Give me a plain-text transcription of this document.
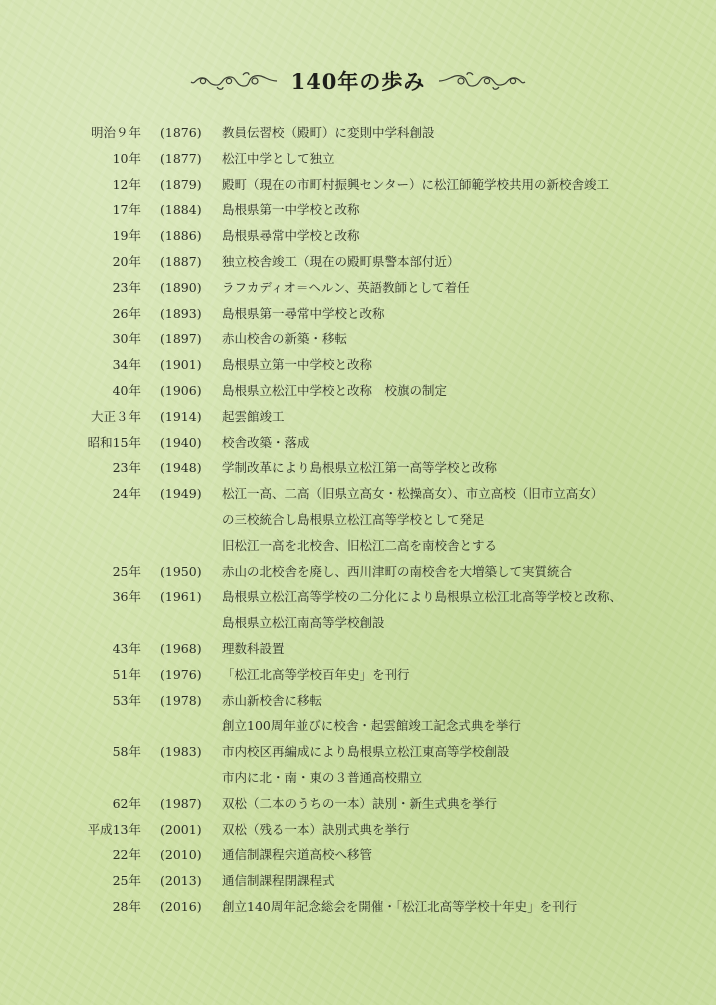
140年の歩み
明治９年 (1876) 教員伝習校（殿町）に変則中学科創設
10年 (1877) 松江中学として独立
12年 (1879) 殿町（現在の市町村振興センター）に松江師範学校共用の新校舎竣工
17年 (1884) 島根県第一中学校と改称
19年 (1886) 島根県尋常中学校と改称
20年 (1887) 独立校舎竣工（現在の殿町県警本部付近）
23年 (1890) ラフカディオ＝ヘルン、英語教師として着任
26年 (1893) 島根県第一尋常中学校と改称
30年 (1897) 赤山校舎の新築・移転
34年 (1901) 島根県立第一中学校と改称
40年 (1906) 島根県立松江中学校と改称　校旗の制定
大正３年 (1914) 起雲館竣工
昭和15年 (1940) 校舎改築・落成
23年 (1948) 学制改革により島根県立松江第一高等学校と改称
24年 (1949) 松江一高、二高（旧県立高女・松操高女）、市立高校（旧市立高女）
の三校統合し島根県立松江高等学校として発足
旧松江一高を北校舎、旧松江二高を南校舎とする
25年 (1950) 赤山の北校舎を廃し、西川津町の南校舎を大増築して実質統合
36年 (1961) 島根県立松江高等学校の二分化により島根県立松江北高等学校と改称、
島根県立松江南高等学校創設
43年 (1968) 理数科設置
51年 (1976) 「松江北高等学校百年史」を刊行
53年 (1978) 赤山新校舎に移転
創立100周年並びに校舎・起雲館竣工記念式典を挙行
58年 (1983) 市内校区再編成により島根県立松江東高等学校創設
市内に北・南・東の３普通高校鼎立
62年 (1987) 双松（二本のうちの一本）訣別・新生式典を挙行
平成13年 (2001) 双松（残る一本）訣別式典を挙行
22年 (2010) 通信制課程宍道高校へ移管
25年 (2013) 通信制課程閉課程式
28年 (2016) 創立140周年記念総会を開催・「松江北高等学校十年史」を刊行
